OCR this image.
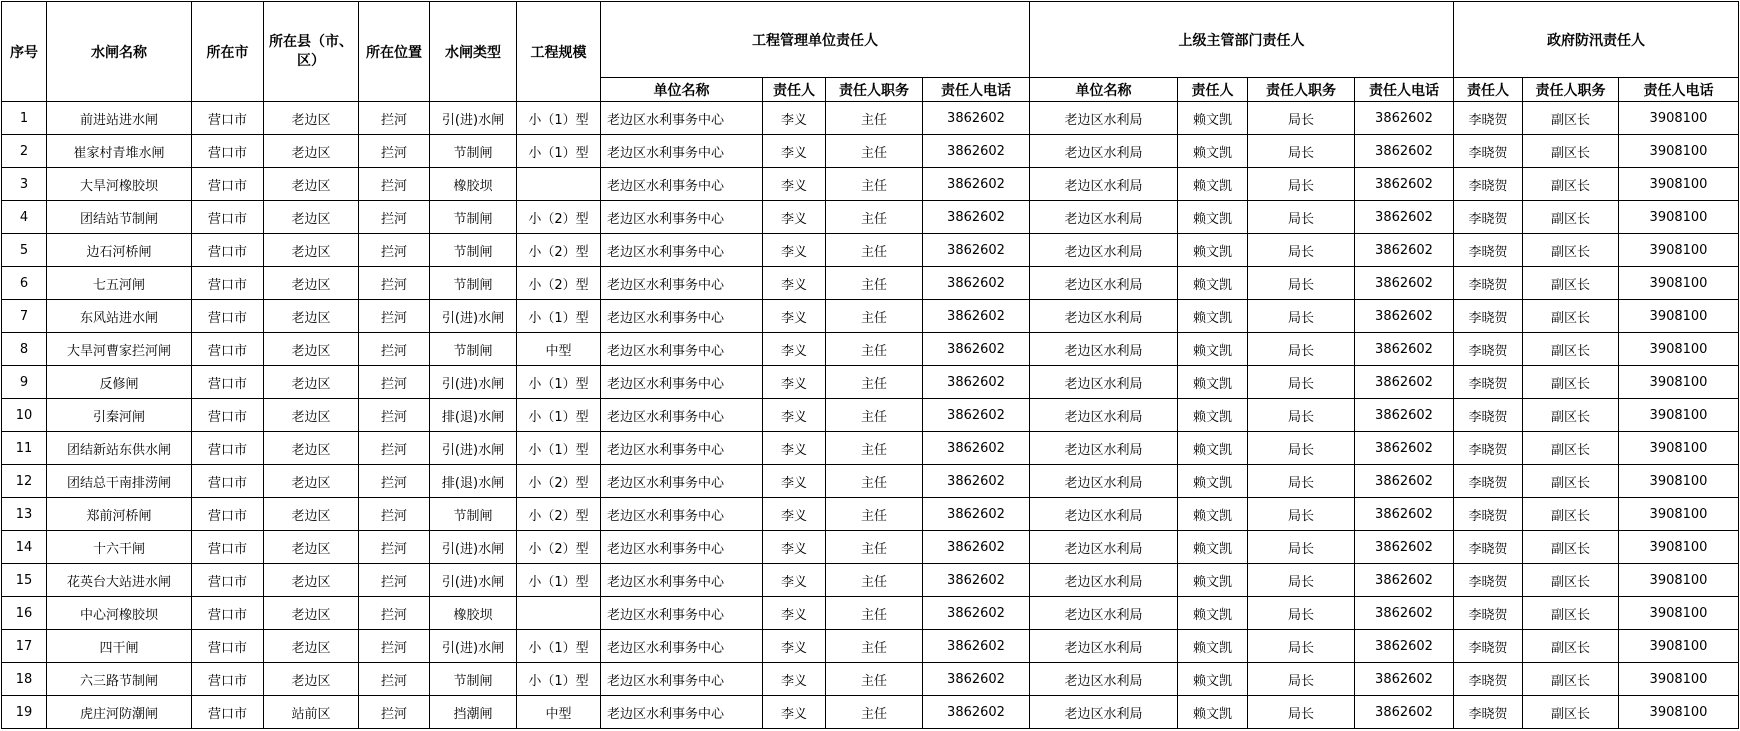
序号	水闸名称	所在市	所在县（市、区）	所在位置	水闸类型	工程规模	工程管理单位责任人				上级主管部门责任人				政府防汛责任人		
							单位名称	责任人	责任人职务	责任人电话	单位名称	责任人	责任人职务	责任人电话	责任人	责任人职务	责任人电话
1	前进站进水闸	营口市	老边区	拦河	引(进)水闸	小（1）型	老边区水利事务中心	李义	主任	3862602	老边区水利局	赖文凯	局长	3862602	李晓贺	副区长	3908100
2	崔家村青堆水闸	营口市	老边区	拦河	节制闸	小（1）型	老边区水利事务中心	李义	主任	3862602	老边区水利局	赖文凯	局长	3862602	李晓贺	副区长	3908100
3	大旱河橡胶坝	营口市	老边区	拦河	橡胶坝		老边区水利事务中心	李义	主任	3862602	老边区水利局	赖文凯	局长	3862602	李晓贺	副区长	3908100
4	团结站节制闸	营口市	老边区	拦河	节制闸	小（2）型	老边区水利事务中心	李义	主任	3862602	老边区水利局	赖文凯	局长	3862602	李晓贺	副区长	3908100
5	边石河桥闸	营口市	老边区	拦河	节制闸	小（2）型	老边区水利事务中心	李义	主任	3862602	老边区水利局	赖文凯	局长	3862602	李晓贺	副区长	3908100
6	七五河闸	营口市	老边区	拦河	节制闸	小（2）型	老边区水利事务中心	李义	主任	3862602	老边区水利局	赖文凯	局长	3862602	李晓贺	副区长	3908100
7	东风站进水闸	营口市	老边区	拦河	引(进)水闸	小（1）型	老边区水利事务中心	李义	主任	3862602	老边区水利局	赖文凯	局长	3862602	李晓贺	副区长	3908100
8	大旱河曹家拦河闸	营口市	老边区	拦河	节制闸	中型	老边区水利事务中心	李义	主任	3862602	老边区水利局	赖文凯	局长	3862602	李晓贺	副区长	3908100
9	反修闸	营口市	老边区	拦河	引(进)水闸	小（1）型	老边区水利事务中心	李义	主任	3862602	老边区水利局	赖文凯	局长	3862602	李晓贺	副区长	3908100
10	引秦河闸	营口市	老边区	拦河	排(退)水闸	小（1）型	老边区水利事务中心	李义	主任	3862602	老边区水利局	赖文凯	局长	3862602	李晓贺	副区长	3908100
11	团结新站东供水闸	营口市	老边区	拦河	引(进)水闸	小（1）型	老边区水利事务中心	李义	主任	3862602	老边区水利局	赖文凯	局长	3862602	李晓贺	副区长	3908100
12	团结总干南排涝闸	营口市	老边区	拦河	排(退)水闸	小（2）型	老边区水利事务中心	李义	主任	3862602	老边区水利局	赖文凯	局长	3862602	李晓贺	副区长	3908100
13	郑前河桥闸	营口市	老边区	拦河	节制闸	小（2）型	老边区水利事务中心	李义	主任	3862602	老边区水利局	赖文凯	局长	3862602	李晓贺	副区长	3908100
14	十六干闸	营口市	老边区	拦河	引(进)水闸	小（2）型	老边区水利事务中心	李义	主任	3862602	老边区水利局	赖文凯	局长	3862602	李晓贺	副区长	3908100
15	花英台大站进水闸	营口市	老边区	拦河	引(进)水闸	小（1）型	老边区水利事务中心	李义	主任	3862602	老边区水利局	赖文凯	局长	3862602	李晓贺	副区长	3908100
16	中心河橡胶坝	营口市	老边区	拦河	橡胶坝		老边区水利事务中心	李义	主任	3862602	老边区水利局	赖文凯	局长	3862602	李晓贺	副区长	3908100
17	四干闸	营口市	老边区	拦河	引(进)水闸	小（1）型	老边区水利事务中心	李义	主任	3862602	老边区水利局	赖文凯	局长	3862602	李晓贺	副区长	3908100
18	六三路节制闸	营口市	老边区	拦河	节制闸	小（1）型	老边区水利事务中心	李义	主任	3862602	老边区水利局	赖文凯	局长	3862602	李晓贺	副区长	3908100
19	虎庄河防潮闸	营口市	站前区	拦河	挡潮闸	中型	老边区水利事务中心	李义	主任	3862602	老边区水利局	赖文凯	局长	3862602	李晓贺	副区长	3908100
